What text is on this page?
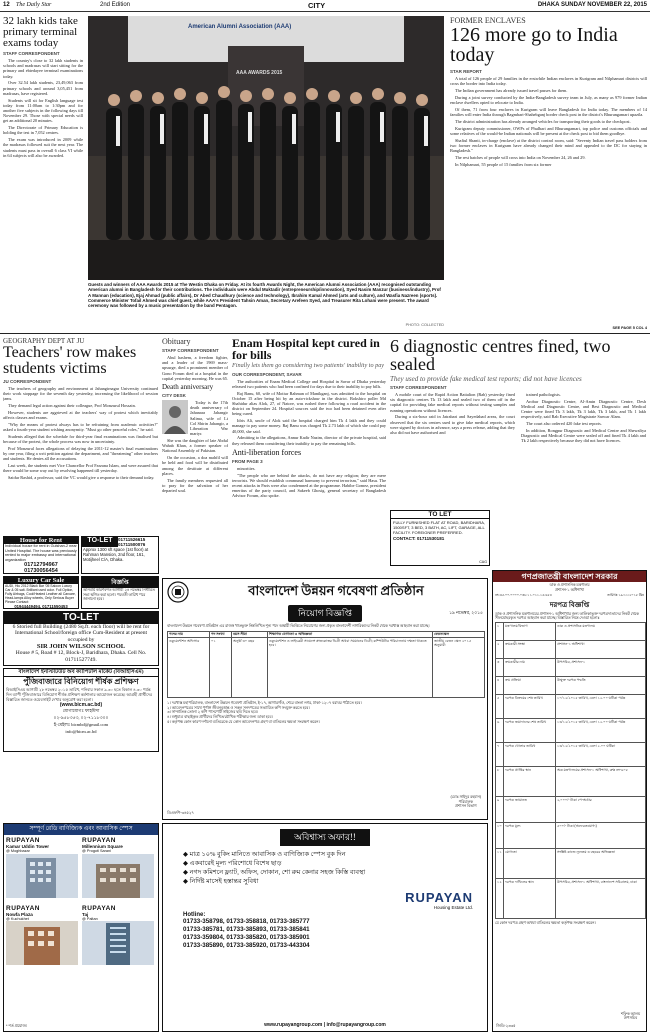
12 The Daily Star	2nd Edition	CITY	DHAKA SUNDAY NOVEMBER 22, 2015
32 lakh kids take primary terminal exams today
STAFF CORRESPONDENT

The country's close to 32 lakh students in schools and madrasas will start sitting for the primary and ebtedayee terminal examinations today.

Over 32.54 lakh students, 23,49,063 from primary schools and around 3,05,451 from madrasas, have registered.

Students will sit for English language test today from 11:00am to 1:30pm and for another five subjects in the following days till November 29. Those with special needs will get an additional 20 minutes.

The Directorate of Primary Education is holding the test in 7,052 centres.

The exam was introduced in 2009 while the madrasas followed suit the next year. The students must pass in overall 6 class VI while in 64 subjects will also be awarded.

American Alumni Association (AAA)
AAA AWARDS 2015
Guests and winners of AAA Awards 2015 at The Westin Dhaka on Friday. At its fourth Awards Night, the American Alumni Association (AAA) recognised outstanding American alumni in Bangladesh for their contributions. The individuals were Abdul Muktadir (entrepreneurship/innovation), Syed Nasim Manzur (business/industry), Prof A Mannan (education), Ejaj Ahmad (public affairs), Dr Abed Chaudhury (science and technology), Ibrahim Kamal Ahmed (arts and culture), and Wasfia Nazreen (sports). Commerce Minister Tofail Ahmed was chief guest, while AAA's President Tahsin Aman, Secretary Arefeen Syed, and Treasurer Rita Lohani were present. The award ceremony was followed by a music presentation by the band Pentagon.
PHOTO: COLLECTED
FORMER ENCLAVES
126 more go to India today
STAR REPORT

A total of 126 people of 29 families in the erstwhile Indian enclaves in Kurigram and Nilphamari districts will cross the border into India today.

The Indian government has already issued travel passes for them.

During a joint survey conducted by the India-Bangladesh survey team in July, as many as 979 former Indian enclave dwellers opted to relocate to India.

Of them, 71 from four enclaves in Kurigram will leave Bangladesh for India today. The members of 14 families will enter India through Bagmbari-Shahebganj border check post in the district's Bhurungamari upazila.

The district administration has already arranged vehicles for transporting their goods to the checkpost.

Kurigram deputy commissioner, OWPs of Phulbari and Bhurungamari, top police and customs officials and some relatives of the would-be Indian nationals will be present at the check post to bid them goodbye.

Shafiul Shanti, in-charge (enclave) at the district control room, said: "Seventy Indian travel pass holders from two former enclaves in Kurigram have already changed their mind and appealed to the DC for staying in Bangladesh."

The rest batches of people will cross into India on November 24, 26 and 29.

In Nilphamari, 55 people of 15 families from six former

SEE PAGE 5 COL 4
GEOGRAPHY DEPT AT JU
Teachers' row makes students victims
JU CORRESPONDENT

The teachers of geography and environment at Jahangirnagar University continued their work stoppage for the seventh day yesterday, increasing the likelihood of session jams.

They demand legal action against their colleague, Prof Monzurul Hossain.

However, students are aggrieved at the teachers' way of protest which inevitably affects classes and exams.

"Why the means of protest always has to be refraining from academic activities?" asked a fourth-year student wishing anonymity. "Must go other peaceful roles," he said.

Students alleged that the schedule for third-year final examinations was finalised but because of the protest, the whole process was now in uncertainty.

Prof Monzurul faces allegations of delaying the 2011-12 master's final examinations by one year, filing a writ petition against the department, and "threatening" other teachers and students. He denies all the accusations.

Last week, the students met Vice Chancellor Prof Farzana Islam, and were assured that there would be some way out by resolving happened till yesterday.

Saidur Rashid, a professor, said the VC would give a response to their demand today.

Obituary
STAFF CORRESPONDENT

Abul hashem, a freedom fighter, and a leader of the 1969 mass-upsurge, died a prominent member of Gono Forum died at a hospital in the capital yesterday morning. He was 65.

Death anniversary
CITY DESK

Today is the 17th death anniversary of Jahanara Jahangir Salima, wife of Lt Col Shirin Jahangir, a Liberation War martyr.

She was the daughter of late Abdul Wahab Khan, a former speaker of National Assembly of Pakistan.

On the occasion, a doa mahfil will be held and food will be distributed among the destitute at different places.

The family members requested all to pray for the salvation of her departed soul.

Enam Hospital kept cured in for bills
Finally lets them go considering two patients' inability to pay
OUR CORRESPONDENT, SAVAR

The authorities of Enam Medical College and Hospital in Savar of Dhaka yesterday released two patients who had been confined for days due to their inability to pay bills.

Raj Banu, 60, wife of Motiur Rahman of Manikganj, was admitted to the hospital on October 15 after being hit by an auto-rickshaw in the district. Bokshiro poller Md Shahidur alias Alok, 27, of Natore, was rushed there following a road accident in the district on September 24. Hospital sources said the two had been detained even after being cured.

Idris Ali, uncle of Alok said the hospital charged him Tk 4 lakh and they could manage to pay some money. Raj Banu was charged Tk 2.73 lakh of which she could pay 40,000, she said.

Admitting to the allegations, Annur Kadir Nazim, director of the private hospital, said they released them considering their inability to pay the remaining bills.

Anti-liberation forces
FROM PAGE 3

minorities.

"The people who are behind the attacks, do not have any religion; they are mere terrorists. We should establish communal harmony to prevent terrorism," said Hasu. The recent attacks in Paris were also condemned at the programme. Habibe Gomez, president emeritus of the party council, and Sakeeb Ghosig, general secretary of Bangladesh Advisor Forum, also spoke.

6 diagnostic centres fined, two sealed
They used to provide fake medical test reports; did not have licences
STAFF CORRESPONDENT

A mobile court of the Rapid Action Battalion (Rab) yesterday fined six diagnostic centres Tk 13 lakh and sealed two of them off in the capital for providing fake medical reports without testing samples and running operations without licences.

During a six-hour raid in Jatrabari and Sayedabad areas, the court observed that the six centres used to give fake medical reports, which were signed by doctors in advance, says a press release, adding that they also did not have authorised and

trained pathologists.

Arobar Diagnostic Centre, Al-Amin Diagnostic Centre, Desh Medical and Diagnostic Centre, and Best Diagnostic and Medical Centre were fined Tk 3 lakh, Tk 3 lakh, Tk 3 lakh, and Tk 1 lakh respectively, said Rab Executive Magistrate Sarwar Alam.

The court also ordered 420 fake test reports.

In addition, Rongpur Diagnostic and Medical Centre and Shewaliya Diagnostic and Medical Centre were sealed off and fined Tk 4 lakh and Tk 2 lakh respectively because they did not have licences.

House for Rent
Individual house for rent in Gulshan-2 near United Hospital. The house was previously rented to major embassy and international organization
01712794967
01730056454
TO-LET	01711526615
01711500076
Approx 1300 sft space (1st floor) at Rahman Mansion, 2nd floor, 161, Motijheel C/A, Dhaka.
Luxury Car Sale
AUDI, Hiu 2012 Black Bar '05 Saloon Luxury Car & 05 salt. Brilliant used color. Full Option, Fully Airbags, Cool/Heated Leather all Carcare, Head-lamps Alloy wheels, Only Serious Buyer Please Contact:
01944449494, 01711550453
বিজ্ঞপ্তি
অনিবার্য কারণবশত আগামী ২৪ নভেম্বর নির্ধারিত সভা স্থগিত করা হলো। পরবর্তী তারিখ পরে জানানো হবে।
TO-LET
6 Storied full Building (2480 Sq.ft. each floor) will be rent for International School/foreign office Cum-Resident at present occupied by
SIR JOHN WILSON SCHOOL
House # 5, Road # 12, Block-J, Baridhara, Dhaka. Cell No. 01711527749.
বাংলাদেশ ইনস্টিটিউট অব ক্যাপিটাল মার্কেট (বিআইসিএম)
পুঁজিবাজারে বিনিয়োগ শীর্ষক প্রশিক্ষণ
বিআইসিএম আগামী ২৮ নভেম্বর ২০১৫ তারিখ, শনিবার সকাল ৯.৩০ হতে বিকাল ৪.৩০ পর্যন্ত দিন ব্যাপী পুঁজিবাজারে বিনিয়োগ শীর্ষক প্রশিক্ষণ কর্মশালার আয়োজন করেছে। আগ্রহী প্রার্থীদের বিস্তারিত জানতে ওয়েবসাইট দেখার অনুরোধ করা হলো।
(www.bicm.ac.bd)
যোগাযোগঃ ফাহমিদা
০২-৯৫৮৩৫৩, ০২-৭১১৮৩০০
ই-মেইলঃ bicmbd@gmail.com
info@bicm.ac.bd
TO LET
FULLY FURNISHED FLAT AT ROAD, BARIDHARA, 1500SFT, 3 BED, 3 BATH, AC, LIFT, GARAGE, ALL FACILITY. FOREIGNER PREFERRED.
CONTACT: 01711530181
CAG
বাংলাদেশ উন্নয়ন গবেষণা প্রতিষ্ঠান
নিয়োগ বিজ্ঞপ্তি	১৯ নভেম্বর, ২০১৫
বাংলাদেশ উন্নয়ন গবেষণা প্রতিষ্ঠান এর রাজস্ব খাতভুক্ত নিম্নলিখিত শূন্য পদে অস্থায়ী ভিত্তিতে নিয়োগের জন্য প্রকৃত বাংলাদেশী নাগরিকদের নিকট থেকে দরখাস্ত আহবান করা যাচ্ছে।
পদের নাম	পদ সংখ্যা	বয়স সীমা	শিক্ষাগত যোগ্যতা ও অভিজ্ঞতা	বেতনস্কেল
ডকুমেন্টেশন অফিসার	০১	অনূর্ধ্ব ৩০ বছর	ডকুমেন্টেশন ও লাইব্রেরী সায়েন্সে স্নাতকোত্তর ডিগ্রী অথবা সমমানের ডিগ্রী; কম্পিউটার পরিচালনায় দক্ষতা থাকতে হবে।	জাতীয় বেতন স্কেল ২০১৫ অনুযায়ী
১। দরখাস্ত মহাপরিচালক, বাংলাদেশ উন্নয়ন গবেষণা প্রতিষ্ঠান, ই-১৭, আগারগাঁও, শেরে বাংলা নগর, ঢাকা-১২০৭ বরাবর পাঠাতে হবে।
২। আবেদনপত্রের সাথে পূর্ণাঙ্গ জীবনবৃত্তান্ত ও সকল সনদপত্রের সত্যায়িত কপি সংযুক্ত করতে হবে।
৩। সাম্প্রতিক তোলা ২ কপি পাসপোর্ট সাইজের ছবি দিতে হবে।
৪। শুধুমাত্র বাছাইকৃত প্রার্থীদের লিখিত/মৌখিক পরীক্ষার জন্য ডাকা হবে।
৫। কর্তৃপক্ষ কোন কারণ দর্শানো ব্যতিরেকে যে কোন আবেদনপত্র গ্রহণ বা বাতিলের ক্ষমতা সংরক্ষণ করেন।
(মোঃ সাইদুর রহমান)
পরিচালক
প্রশাসন বিভাগ
ডিএফপি-৩৪৫২৭
গণপ্রজাতন্ত্রী বাংলাদেশ সরকার
ডাক ও প্রশাসনিক মন্ত্রণালয়
প্রশাসন-১ অধিশাখা
নং-৩৫.০০.০০০০.০৩৮.১১.০১১.১৫/৬৫৪	তারিখঃ ১৯/১১/২০১৫ খ্রিঃ
দরপত্র বিজ্ঞপ্তি
ডাক ও প্রশাসনিক মন্ত্রণালয়ের প্রশাসন-১ অধিশাখার জন্য তালিকাভুক্ত দরপত্রদাতাদের নিকট থেকে সীলমোহরকৃত দরপত্র আহবান করা যাচ্ছে। বিস্তারিত নিম্নে দেওয়া হলোঃ
১	মন্ত্রণালয়/বিভাগ	ডাক ও প্রশাসনিক মন্ত্রণালয়
২	ক্রয়কারী সংস্থা	প্রশাসন-১ অধিশাখা
৩	ক্রয়কারীর নাম	উপসচিব, প্রশাসন-১
৪	ক্রয় প্রক্রিয়া	উন্মুক্ত দরপত্র পদ্ধতি
৫	দরপত্র বিক্রয়ের শেষ তারিখ	১০/১২/২০১৫ তারিখ, বেলা ১২.০০ ঘটিকা পর্যন্ত
৬	দরপত্র জমাদানের শেষ তারিখ	১৩/১২/২০১৫ তারিখ, বেলা ১২.০০ ঘটিকা পর্যন্ত
৭	দরপত্র খোলার তারিখ	১৩/১২/২০১৫ তারিখ, বেলা ২.০০ ঘটিকা
৮	দরপত্র প্রাপ্তির স্থান	অত্র মন্ত্রণালয়ের প্রশাসন-১ অধিশাখা, কক্ষ নং-৬০৫
৯	দরপত্র জামানত	২,০০০/- টাকা পে-অর্ডার
১০	দরপত্র মূল্য	৫০০/- টাকা (অফেরতযোগ্য)
১১	যোগ্যতা	সংশ্লিষ্ট কাজে ন্যূনতম ৩ বছরের অভিজ্ঞতা
১২	দরপত্র দাখিলের স্থান	উপসচিব, প্রশাসন-১ অধিশাখা, বাংলাদেশ সচিবালয়, ঢাকা
যে কোন দরপত্র গ্রহণ অথবা বাতিলের ক্ষমতা কর্তৃপক্ষ সংরক্ষণ করেন।
শফিক আলম
উপসচিব
জিডি-২৩৩৫
সম্পূর্ণ রেডি বাণিজ্যিক এবং আবাসিক স্পেস
RUPAYAN
Kamar Uddin Tower
@ Moghbazar
RUPAYAN
Millennium Square
@ Progoti Sarani
RUPAYAN
Nowfa Plaza
@ Kuchukhet
RUPAYAN
Taj
@ Paltan
* শর্ত প্রযোজ্য
অবিশ্বাস্য অফার!!
◆ মাত্র ১০% বুকিং মানিতে আবাসিক ও বাণিজ্যিক স্পেস বুক দিন
◆ একবারেই মূল্য পরিশোধে বিশেষ ছাড়
◆ নগদ কমিশনে ফ্ল্যাট, অফিস, দোকান, শো রুম কেনার সহজ কিস্তি ব্যবস্থা
◆ নির্দিষ্ট মাসেই হস্তান্তর সুবিধা
RUPAYAN
Housing Estate Ltd.
Hotline:
01733-358798, 01733-358818, 01733-385777
01733-385781, 01733-385893, 01733-385841
01733-359804, 01733-385820, 01733-385901
01733-385890, 01733-385920, 01733-443304
www.rupayangroup.com | info@rupayangroup.com
